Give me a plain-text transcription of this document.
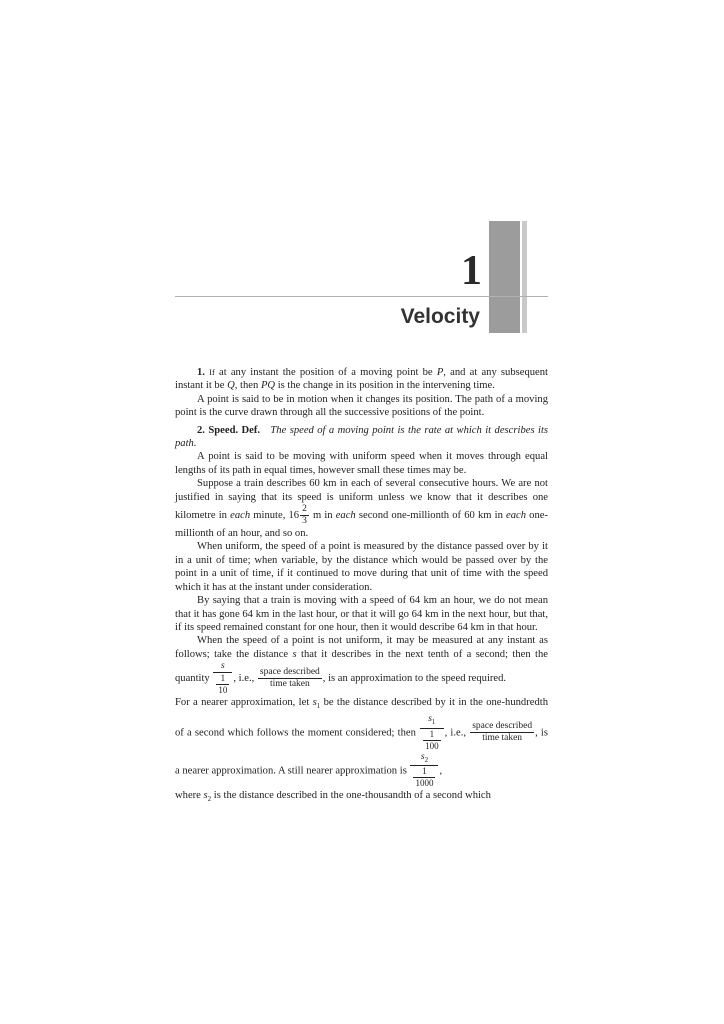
1
Velocity

1. If at any instant the position of a moving point be P, and at any subsequent instant it be Q, then PQ is the change in its position in the intervening time.

A point is said to be in motion when it changes its position. The path of a moving point is the curve drawn through all the successive positions of the point.

2. Speed. Def. The speed of a moving point is the rate at which it describes its path.

A point is said to be moving with uniform speed when it moves through equal lengths of its path in equal times, however small these times may be.

Suppose a train describes 60 km in each of several consecutive hours. We are not justified in saying that its speed is uniform unless we know that it describes one kilometre in each minute, $16 \frac{2}{3}$ m in each second one-millionth of 60 km in each one-millionth of an hour, and so on.

When uniform, the speed of a point is measured by the distance passed over by it in a unit of time; when variable, by the distance which would be passed over by the point in a unit of time, if it continued to move during that unit of time with the speed which it has at the instant under consideration.

By saying that a train is moving with a speed of 64 km an hour, we do not mean that it has gone 64 km in the last hour, or that it will go 64 km in the next hour, but that, if its speed remained constant for one hour, then it would describe 64 km in that hour.

When the speed of a point is not uniform, it may be measured at any instant as follows; take the distance s that it describes in the next tenth of a second; then the quantity $\frac{s}{\frac{1}{10}}$ , i.e., $\frac{\text{space described}}{\text{time taken}}$ , is an approximation to the speed required.

For a nearer approximation, let $s_1$ be the distance described by it in the one-hundredth of a second which follows the moment considered; then $\frac{s_1}{\frac{1}{100}}$ , i.e., $\frac{\text{space described}}{\text{time taken}}$ , is a nearer approximation. A still nearer approximation is $\frac{s_2}{\frac{1}{1000}}$ ,

where $s_2$ is the distance described in the one-thousandth of a second which
